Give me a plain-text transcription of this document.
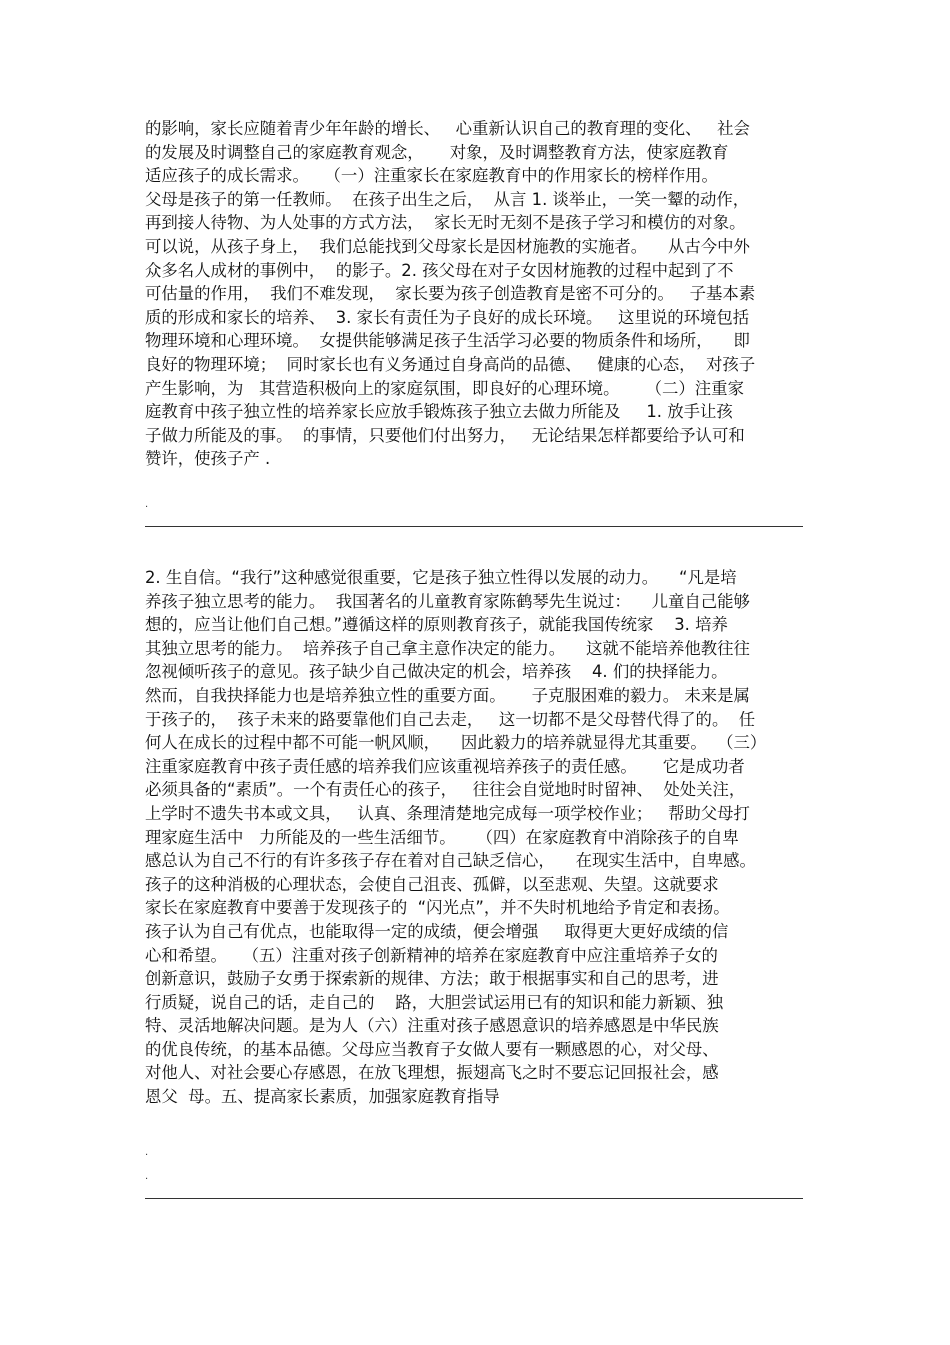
的影响，家长应随着青少年年龄的增长、   心重新认识自己的教育理的变化、   社会
的发展及时调整自己的家庭教育观念，     对象，及时调整教育方法，使家庭教育
适应孩子的成长需求。   （一）注重家长在家庭教育中的作用家长的榜样作用。
父母是孩子的第一任教师。  在孩子出生之后，  从言 1. 谈举止，一笑一颦的动作，
再到接人待物、为人处事的方式方法，  家长无时无刻不是孩子学习和模仿的对象。
可以说，从孩子身上，  我们总能找到父母家长是因材施教的实施者。    从古今中外
众多名人成材的事例中，  的影子。2. 孩父母在对子女因材施教的过程中起到了不
可估量的作用，  我们不难发现，  家长要为孩子创造教育是密不可分的。   子基本素
质的形成和家长的培养、  3. 家长有责任为子良好的成长环境。   这里说的环境包括
物理环境和心理环境。  女提供能够满足孩子生活学习必要的物质条件和场所，    即
良好的物理环境；  同时家长也有义务通过自身高尚的品德、   健康的心态，  对孩子
产生影响，为   其营造积极向上的家庭氛围，即良好的心理环境。     （二）注重家
庭教育中孩子独立性的培养家长应放手锻炼孩子独立去做力所能及     1. 放手让孩
子做力所能及的事。  的事情，只要他们付出努力，   无论结果怎样都要给予认可和
赞许，使孩子产 .
.
2. 生自信。“我行”这种感觉很重要，它是孩子独立性得以发展的动力。    “凡是培
养孩子独立思考的能力。  我国著名的儿童教育家陈鹤琴先生说过：    儿童自己能够
想的，应当让他们自己想。”遵循这样的原则教育孩子，就能我国传统家    3. 培养
其独立思考的能力。  培养孩子自己拿主意作决定的能力。    这就不能培养他教往往
忽视倾听孩子的意见。孩子缺少自己做决定的机会，培养孩    4. 们的抉择能力。
然而，自我抉择能力也是培养独立性的重要方面。     子克服困难的毅力。 未来是属
于孩子的，  孩子未来的路要靠他们自己去走，   这一切都不是父母替代得了的。  任
何人在成长的过程中都不可能一帆风顺，    因此毅力的培养就显得尤其重要。  （三）
注重家庭教育中孩子责任感的培养我们应该重视培养孩子的责任感。     它是成功者
必须具备的“素质”。一个有责任心的孩子，   往往会自觉地时时留神、  处处关注，
上学时不遗失书本或文具，   认真、条理清楚地完成每一项学校作业；   帮助父母打
理家庭生活中   力所能及的一些生活细节。    （四）在家庭教育中消除孩子的自卑
感总认为自己不行的有许多孩子存在着对自己缺乏信心，    在现实生活中，自卑感。
孩子的这种消极的心理状态，会使自己沮丧、孤僻，以至悲观、失望。这就要求
家长在家庭教育中要善于发现孩子的  “闪光点”，并不失时机地给予肯定和表扬。
孩子认为自己有优点，也能取得一定的成绩，便会增强     取得更大更好成绩的信
心和希望。   （五）注重对孩子创新精神的培养在家庭教育中应注重培养子女的
创新意识，鼓励子女勇于探索新的规律、方法；敢于根据事实和自己的思考，进
行质疑，说自己的话，走自己的    路，大胆尝试运用已有的知识和能力新颖、独
特、灵活地解决问题。是为人（六）注重对孩子感恩意识的培养感恩是中华民族
的优良传统，的基本品德。父母应当教育子女做人要有一颗感恩的心，对父母、
对他人、对社会要心存感恩，在放飞理想，振翅高飞之时不要忘记回报社会，感
恩父  母。五、提高家长素质，加强家庭教育指导
.
.
